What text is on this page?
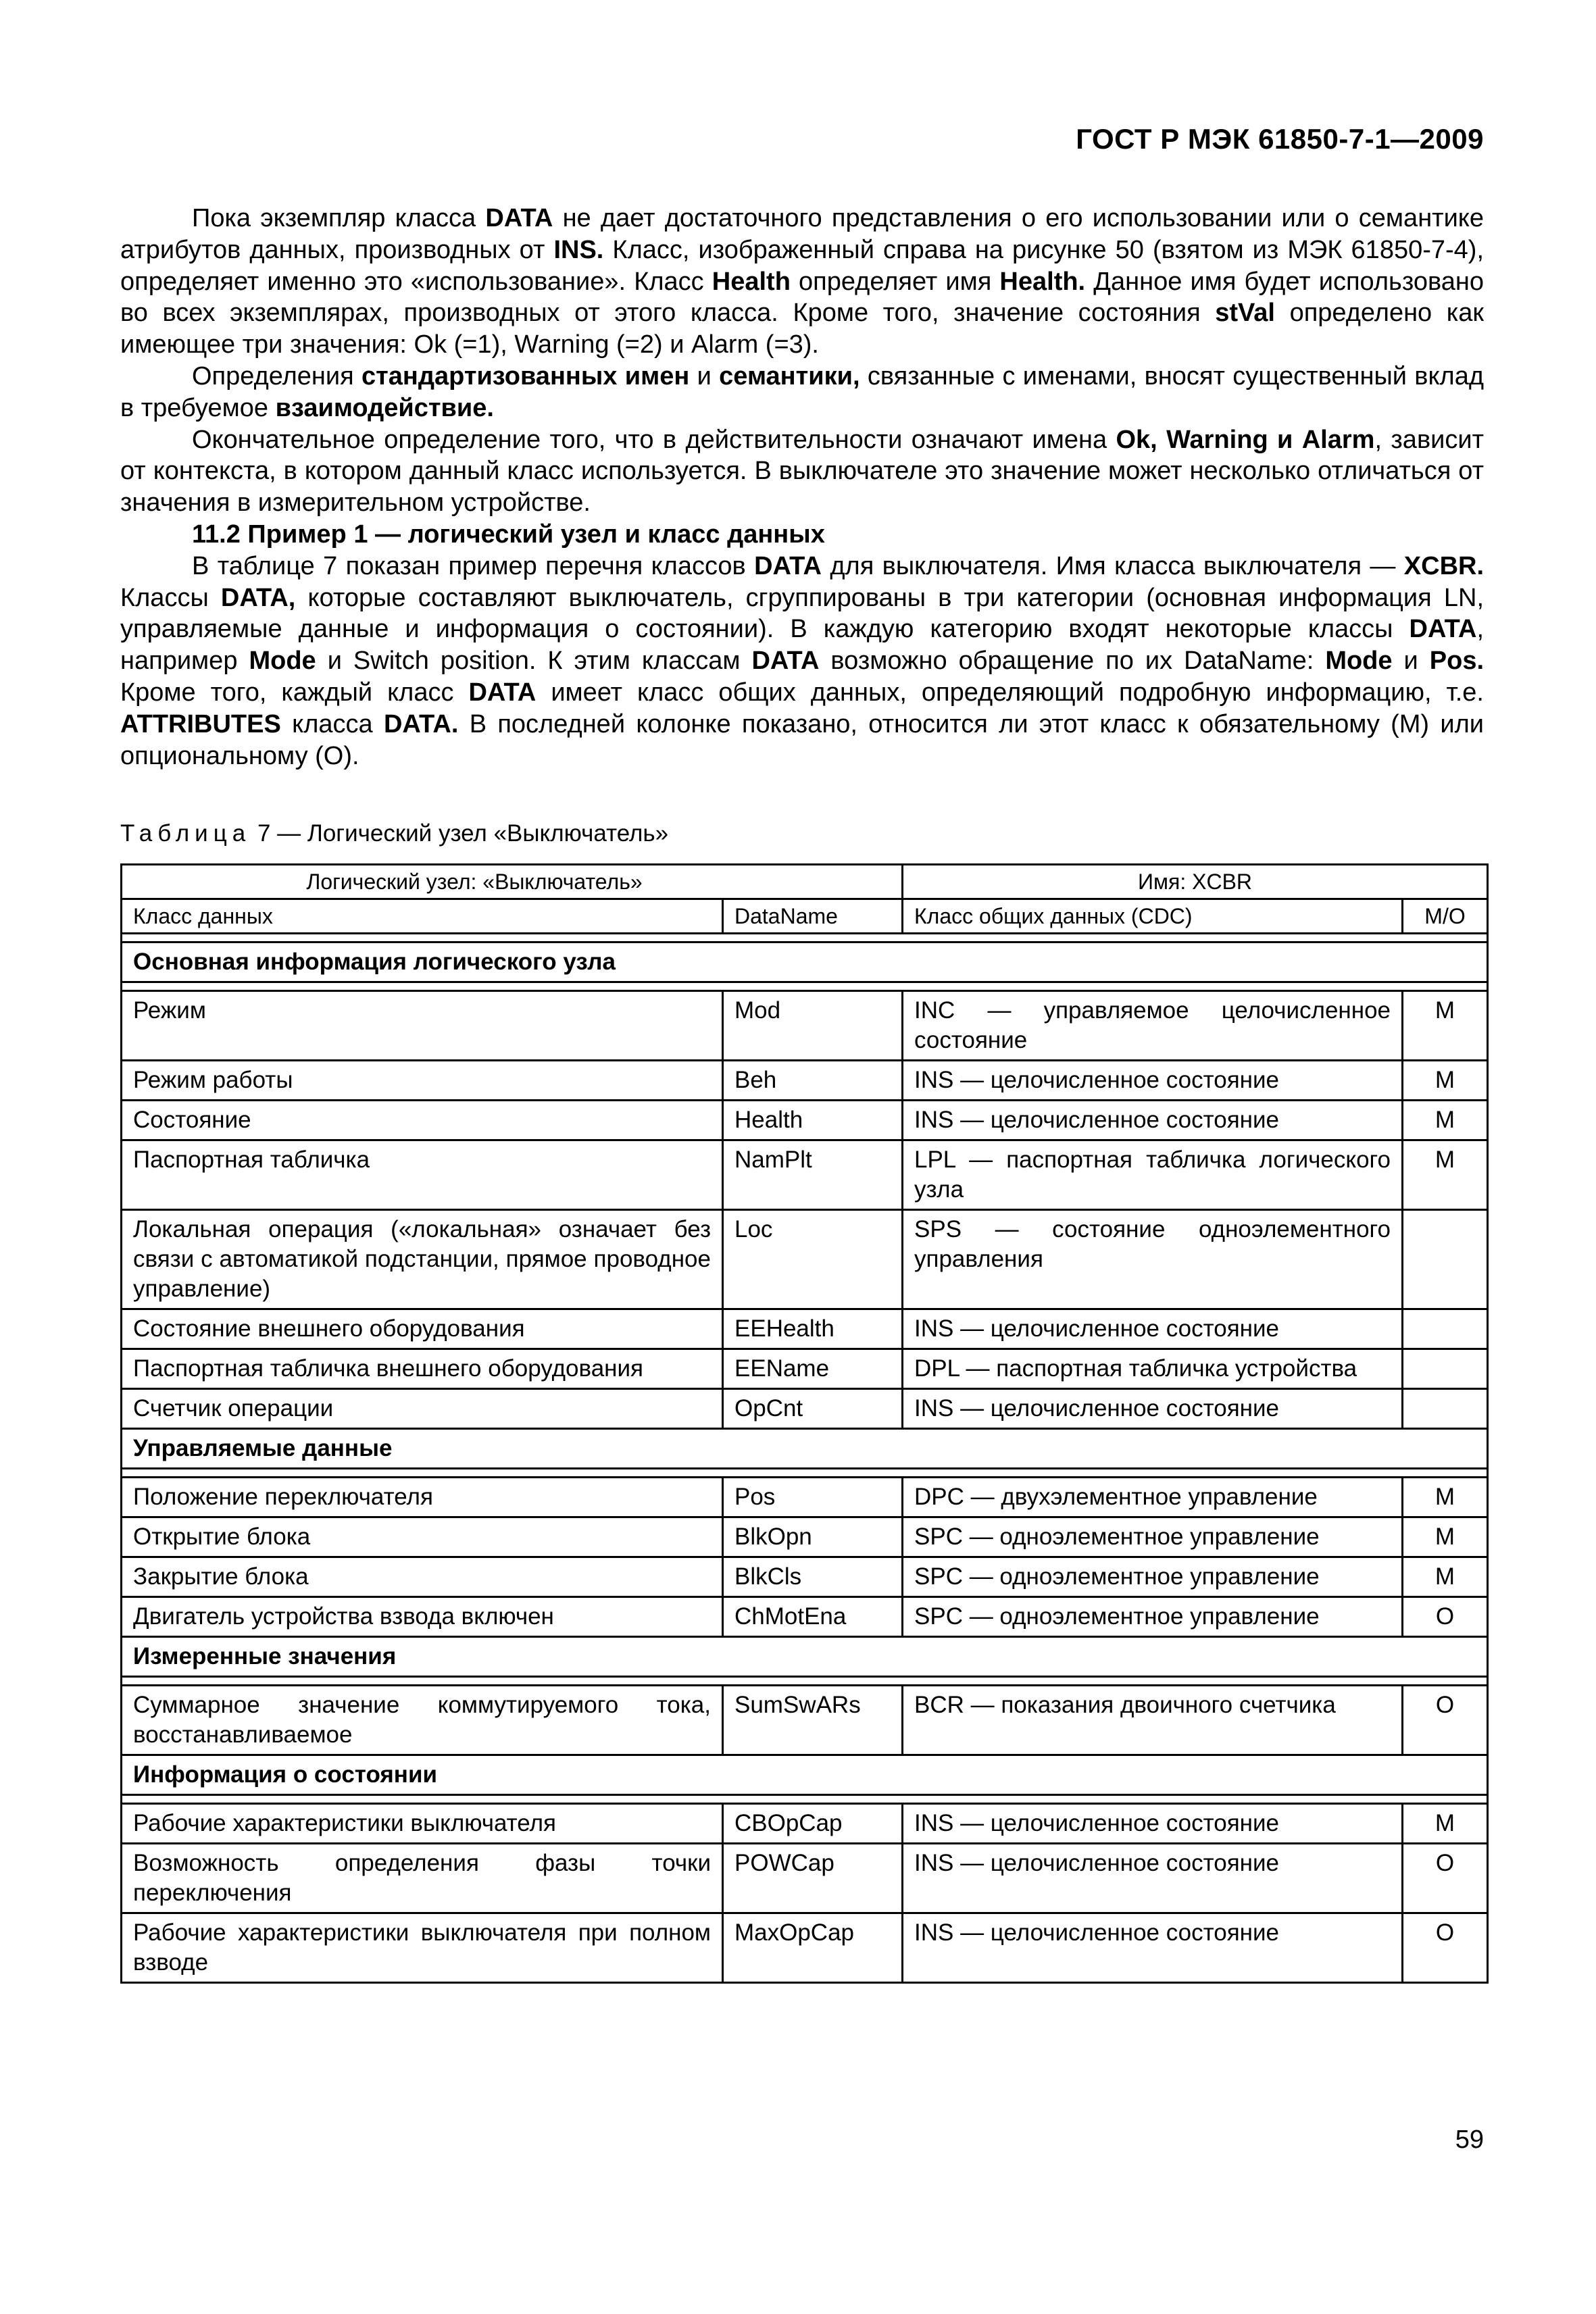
ГОСТ Р МЭК 61850-7-1—2009

Пока экземпляр класса DATA не дает достаточного представления о его использовании или о семантике атрибутов данных, производных от INS. Класс, изображенный справа на рисунке 50 (взятом из МЭК 61850-7-4), определяет именно это «использование». Класс Health определяет имя Health. Данное имя будет использовано во всех экземплярах, производных от этого класса. Кроме того, значение состояния stVal определено как имеющее три значения: Ok (=1), Warning (=2) и Alarm (=3).

Определения стандартизованных имен и семантики, связанные с именами, вносят существенный вклад в требуемое взаимодействие.

Окончательное определение того, что в действительности означают имена Ok, Warning и Alarm, зависит от контекста, в котором данный класс используется. В выключателе это значение может несколько отличаться от значения в измерительном устройстве.

11.2 Пример 1 — логический узел и класс данных

В таблице 7 показан пример перечня классов DATA для выключателя. Имя класса выключателя — XCBR. Классы DATA, которые составляют выключатель, сгруппированы в три категории (основная информация LN, управляемые данные и информация о состоянии). В каждую категорию входят некоторые классы DATA, например Mode и Switch position. К этим классам DATA возможно обращение по их DataName: Mode и Pos. Кроме того, каждый класс DATA имеет класс общих данных, определяющий подробную информацию, т.е. ATTRIBUTES класса DATA. В последней колонке показано, относится ли этот класс к обязательному (M) или опциональному (O).

Таблица 7 — Логический узел «Выключатель»
Логический узел: «Выключатель»		Имя: XCBR	
Класс данных	DataName	Класс общих данных (CDC)	M/O

Основная информация логического узла			

Режим	Mod	INC — управляемое целочисленное состояние	M
Режим работы	Beh	INS — целочисленное состояние	M
Состояние	Health	INS — целочисленное состояние	M
Паспортная табличка	NamPlt	LPL — паспортная табличка логического узла	M
Локальная операция («локальная» означает без связи с автоматикой подстанции, прямое проводное управление)	Loc	SPS — состояние одноэлементного управления	
Состояние внешнего оборудования	EEHealth	INS — целочисленное состояние	
Паспортная табличка внешнего оборудования	EEName	DPL — паспортная табличка устройства	
Счетчик операции	OpCnt	INS — целочисленное состояние	
Управляемые данные			

Положение переключателя	Pos	DPC — двухэлементное управление	M
Открытие блока	BlkOpn	SPC — одноэлементное управление	M
Закрытие блока	BlkCls	SPC — одноэлементное управление	M
Двигатель устройства взвода включен	ChMotEna	SPC — одноэлементное управление	O
Измеренные значения			

Суммарное значение коммутируемого тока, восстанавливаемое	SumSwARs	BCR — показания двоичного счетчика	O
Информация о состоянии			

Рабочие характеристики выключателя	CBOpCap	INS — целочисленное состояние	M
Возможность определения фазы точки переключения	POWCap	INS — целочисленное состояние	O
Рабочие характеристики выключателя при полном взводе	MaxOpCap	INS — целочисленное состояние	O
59
